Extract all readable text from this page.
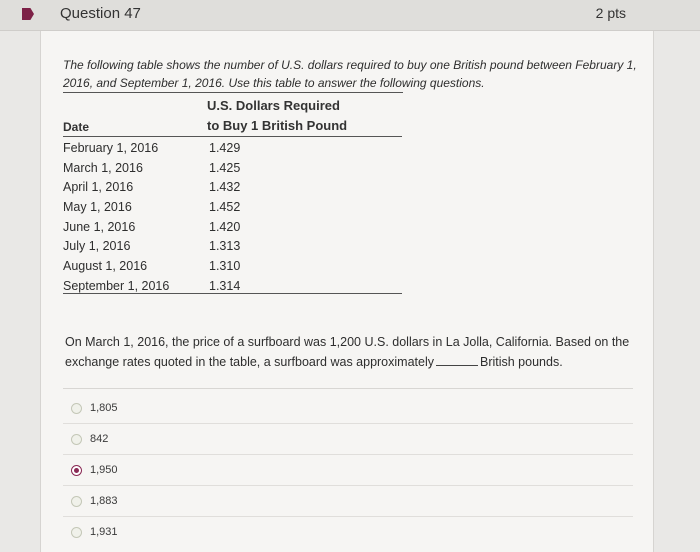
Question 47	2 pts
The following table shows the number of U.S. dollars required to buy one British pound between February 1, 2016, and September 1, 2016. Use this table to answer the following questions.
U.S. Dollars Required
Date	to Buy 1 British Pound
February 1, 2016	1.429
March 1, 2016	1.425
April 1, 2016	1.432
May 1, 2016	1.452
June 1, 2016	1.420
July 1, 2016	1.313
August 1, 2016	1.310
September 1, 2016	1.314
On March 1, 2016, the price of a surfboard was 1,200 U.S. dollars in La Jolla, California. Based on the exchange rates quoted in the table, a surfboard was approximately	British pounds.
1,805
842
1,950
1,883
1,931
